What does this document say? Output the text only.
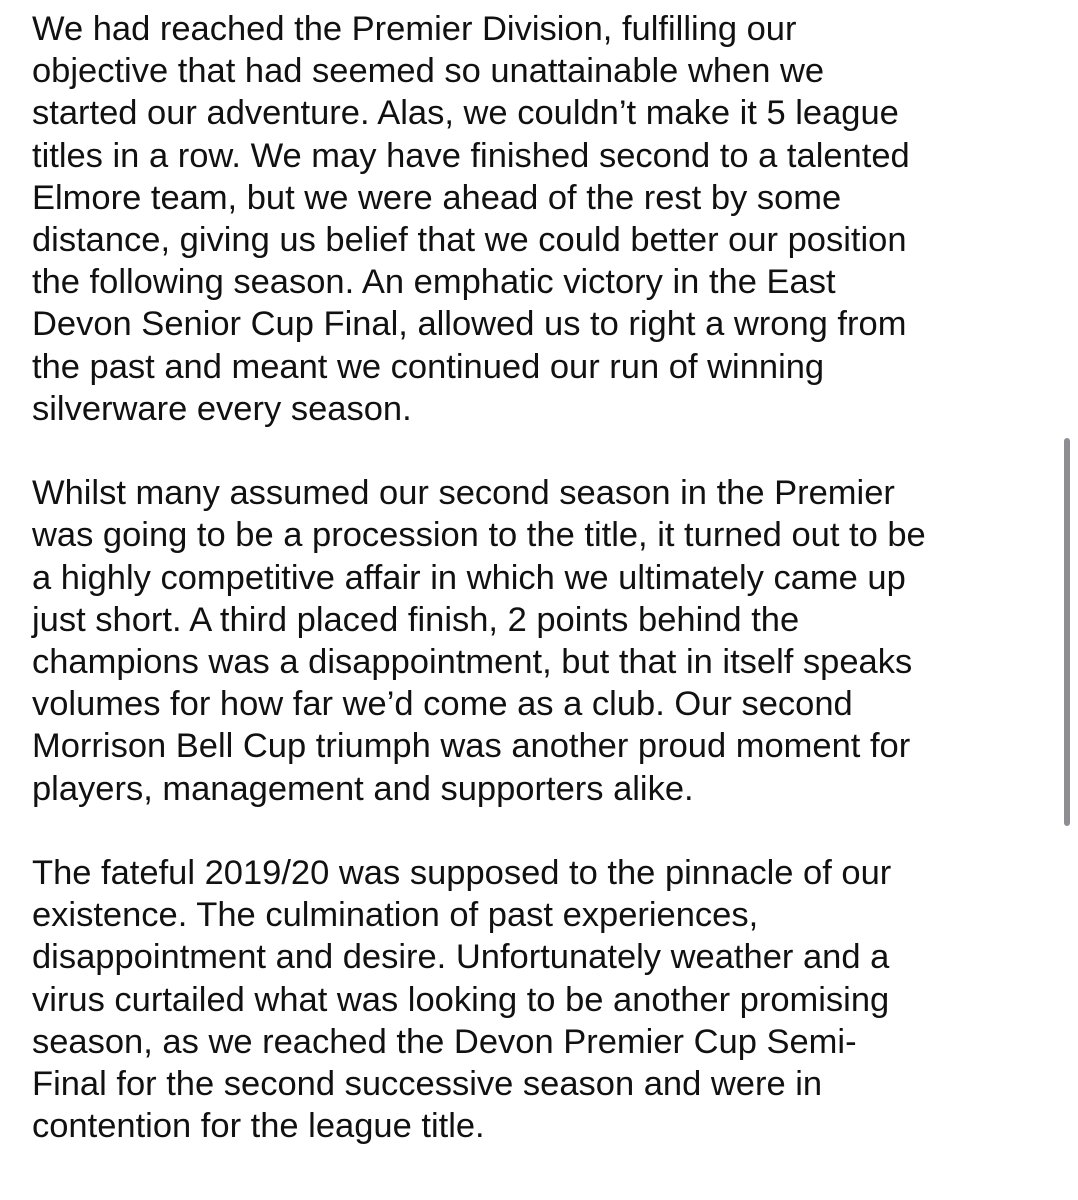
We had reached the Premier Division, fulfilling our
objective that had seemed so unattainable when we
started our adventure. Alas, we couldn’t make it 5 league
titles in a row. We may have finished second to a talented
Elmore team, but we were ahead of the rest by some
distance, giving us belief that we could better our position
the following season. An emphatic victory in the East
Devon Senior Cup Final, allowed us to right a wrong from
the past and meant we continued our run of winning
silverware every season.

Whilst many assumed our second season in the Premier
was going to be a procession to the title, it turned out to be
a highly competitive affair in which we ultimately came up
just short. A third placed finish, 2 points behind the
champions was a disappointment, but that in itself speaks
volumes for how far we’d come as a club. Our second
Morrison Bell Cup triumph was another proud moment for
players, management and supporters alike.

The fateful 2019/20 was supposed to the pinnacle of our
existence. The culmination of past experiences,
disappointment and desire. Unfortunately weather and a
virus curtailed what was looking to be another promising
season, as we reached the Devon Premier Cup Semi-
Final for the second successive season and were in
contention for the league title.
